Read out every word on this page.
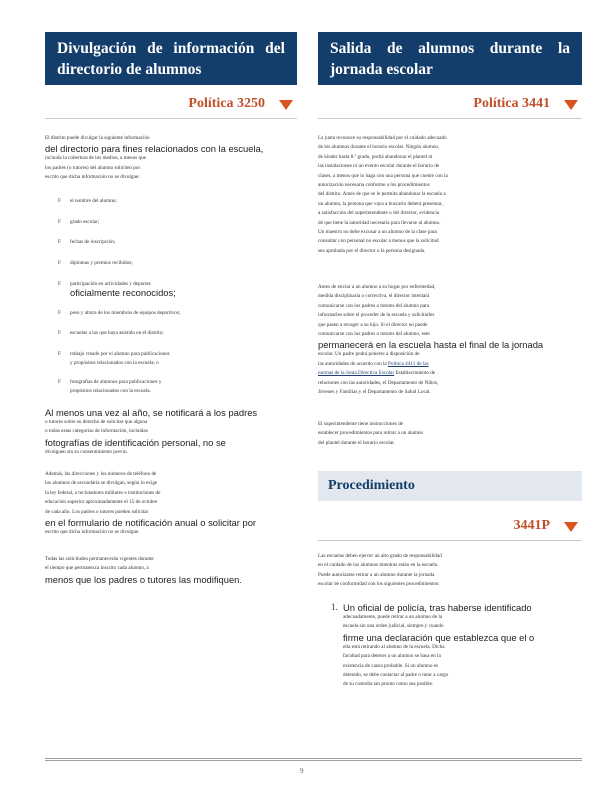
Divulgación de información del
directorio de alumnos
Política 3250

El distrito puede divulgar la siguiente información

del directorio para fines relacionados con la escuela,

incluida la cobertura de los medios, a menos que

los padres (o tutores) del alumno soliciten por

escrito que dicha información no se divulgue:

F el nombre del alumno;
F grado escolar;
F fechas de inscripción;
F diplomas y premios recibidos;
F participación en actividades y deportes
oficialmente reconocidos;
F peso y altura de los miembros de equipos deportivos;
F escuelas a las que haya asistido en el distrito;
F trabajo creado por el alumno para publicaciones
y propósitos relacionados con la escuela; o
F fotografías de alumnos para publicaciones y
propósitos relacionados con la escuela.

Al menos una vez al año, se notificará a los padres

o tutores sobre su derecho de solicitar que alguna

o todas estas categorías de información, incluidas

fotografías de identificación personal, no se

divulguen sin su consentimiento previo.

Además, las direcciones y los números de teléfono de

los alumnos de secundaria se divulgan, según lo exige

la ley federal, a reclutadores militares e instituciones de

educación superior aproximadamente el 15 de octubre

de cada año. Los padres o tutores pueden solicitar

en el formulario de notificación anual o solicitar por

escrito que dicha información no se divulgue.

Todas las solicitudes permanecerán vigentes durante

el tiempo que permanezca inscrito cada alumno, a

menos que los padres o tutores las modifiquen.

Salida de alumnos durante la
jornada escolar
Política 3441

La junta reconoce su responsabilidad por el cuidado adecuado

de los alumnos durante el horario escolar. Ningún alumno,

de kínder hasta 8.º grado, podrá abandonar el plantel ni

las instalaciones ni un evento escolar durante el horario de

clases, a menos que lo haga con una persona que cuente con la

autorización necesaria conforme a los procedimientos

del distrito. Antes de que se le permita abandonar la escuela a

un alumno, la persona que vaya a buscarlo deberá presentar,

a satisfacción del superintendente o del director, evidencia

de que tiene la autoridad necesaria para llevarse al alumno.

Un maestro no debe excusar a un alumno de la clase para

consultar con personal no escolar a menos que la solicitud

sea aprobada por el director o la persona designada.

Antes de enviar a un alumno a su hogar por enfermedad,

medida disciplinaria o correctiva, el director intentará

comunicarse con los padres o tutores del alumno para

informarles sobre el proceder de la escuela y solicitarles

que pasen a recoger a su hijo. Si el director no puede

comunicarse con los padres o tutores del alumno, este

permanecerá en la escuela hasta el final de la jornada

escolar. Un padre podrá ponerse a disposición de

las autoridades de acuerdo con la Política 4411 de las

normas de la Junta Directiva Escolar Establecimiento de

relaciones con las autoridades, el Departamento de Niños,

Jóvenes y Familias y el Departamento de Salud Local.

El superintendente tiene instrucciones de

establecer procedimientos para retirar a un alumno

del plantel durante el horario escolar.

Procedimiento
3441P

Las escuelas deben ejercer un alto grado de responsabilidad

en el cuidado de los alumnos mientras están en la escuela.

Puede autorizarse retirar a un alumno durante la jornada

escolar de conformidad con los siguientes procedimientos:

1. Un oficial de policía, tras haberse identificado

adecuadamente, puede retirar a un alumno de la

escuela sin una orden judicial, siempre y cuando

firme una declaración que establezca que el o

ella está retirando al alumno de la escuela. Dicha

facultad para detener a un alumno se basa en la

existencia de causa probable. Si un alumno es

detenido, se debe contactar al padre o tutor a cargo

de su custodia tan pronto como sea posible.

9
